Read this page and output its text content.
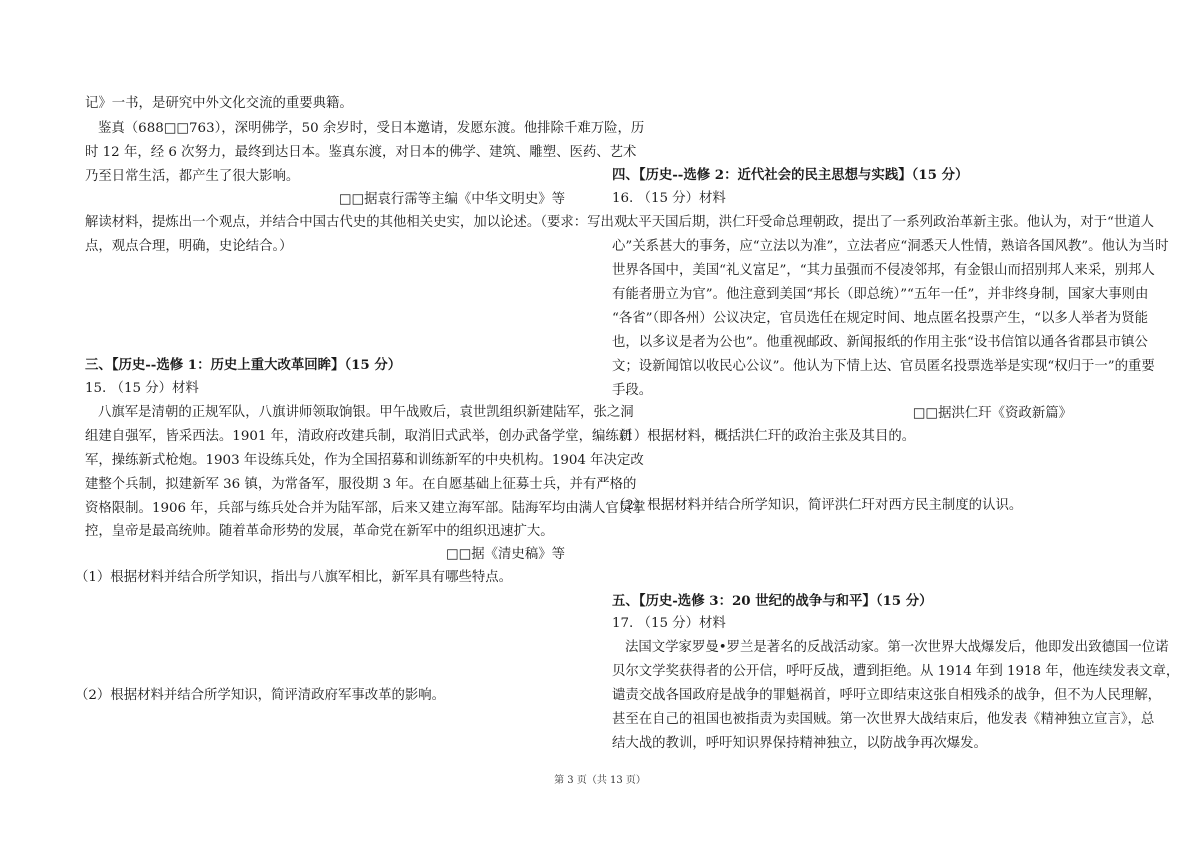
记》一书，是研究中外文化交流的重要典籍。
鉴真（688□□763），深明佛学，50 余岁时，受日本邀请，发愿东渡。他排除千难万险，历
时 12 年，经 6 次努力，最终到达日本。鉴真东渡，对日本的佛学、建筑、雕塑、医药、艺术
乃至日常生活，都产生了很大影响。
□□据袁行霈等主编《中华文明史》等
解读材料，提炼出一个观点，并结合中国古代史的其他相关史实，加以论述。（要求：写出观
点，观点合理，明确，史论结合。）
三、【历史--选修 1：历史上重大改革回眸】（15 分）
15. （15 分）材料
八旗军是清朝的正规军队，八旗讲师领取饷银。甲午战败后，袁世凯组织新建陆军，张之洞
组建自强军，皆采西法。1901 年，清政府改建兵制，取消旧式武举，创办武备学堂，编练新
军，操练新式枪炮。1903 年设练兵处，作为全国招募和训练新军的中央机构。1904 年决定改
建整个兵制，拟建新军 36 镇，为常备军，服役期 3 年。在自愿基础上征募士兵，并有严格的
资格限制。1906 年，兵部与练兵处合并为陆军部，后来又建立海军部。陆海军均由满人官员掌
控，皇帝是最高统帅。随着革命形势的发展，革命党在新军中的组织迅速扩大。
□□据《清史稿》等
（1）根据材料并结合所学知识，指出与八旗军相比，新军具有哪些特点。
（2）根据材料并结合所学知识，简评清政府军事改革的影响。
四、【历史--选修 2：近代社会的民主思想与实践】（15 分）
16. （15 分）材料
太平天国后期，洪仁玕受命总理朝政，提出了一系列政治革新主张。他认为，对于“世道人
心”关系甚大的事务，应“立法以为准”，立法者应“洞悉天人性情，熟谙各国风教”。他认为当时
世界各国中，美国“礼义富足”，“其力虽强而不侵凌邻邦，有金银山而招别邦人来采，别邦人
有能者册立为官”。他注意到美国“邦长（即总统）”“五年一任”，并非终身制，国家大事则由
“各省”（即各州）公议决定，官员选任在规定时间、地点匿名投票产生，“以多人举者为贤能
也，以多议是者为公也”。他重视邮政、新闻报纸的作用主张“设书信馆以通各省郡县市镇公
文；设新闻馆以收民心公议”。他认为下情上达、官员匿名投票选举是实现“权归于一”的重要
手段。
□□据洪仁玕《资政新篇》
（1）根据材料，概括洪仁玕的政治主张及其目的。
（2）根据材料并结合所学知识，简评洪仁玕对西方民主制度的认识。
五、【历史-选修 3：20 世纪的战争与和平】（15 分）
17. （15 分）材料
法国文学家罗曼•罗兰是著名的反战活动家。第一次世界大战爆发后，他即发出致德国一位诺
贝尔文学奖获得者的公开信，呼吁反战，遭到拒绝。从 1914 年到 1918 年，他连续发表文章，
谴责交战各国政府是战争的罪魁祸首，呼吁立即结束这张自相残杀的战争，但不为人民理解，
甚至在自己的祖国也被指责为卖国贼。第一次世界大战结束后，他发表《精神独立宣言》，总
结大战的教训，呼吁知识界保持精神独立，以防战争再次爆发。
第 3 页（共 13 页）
